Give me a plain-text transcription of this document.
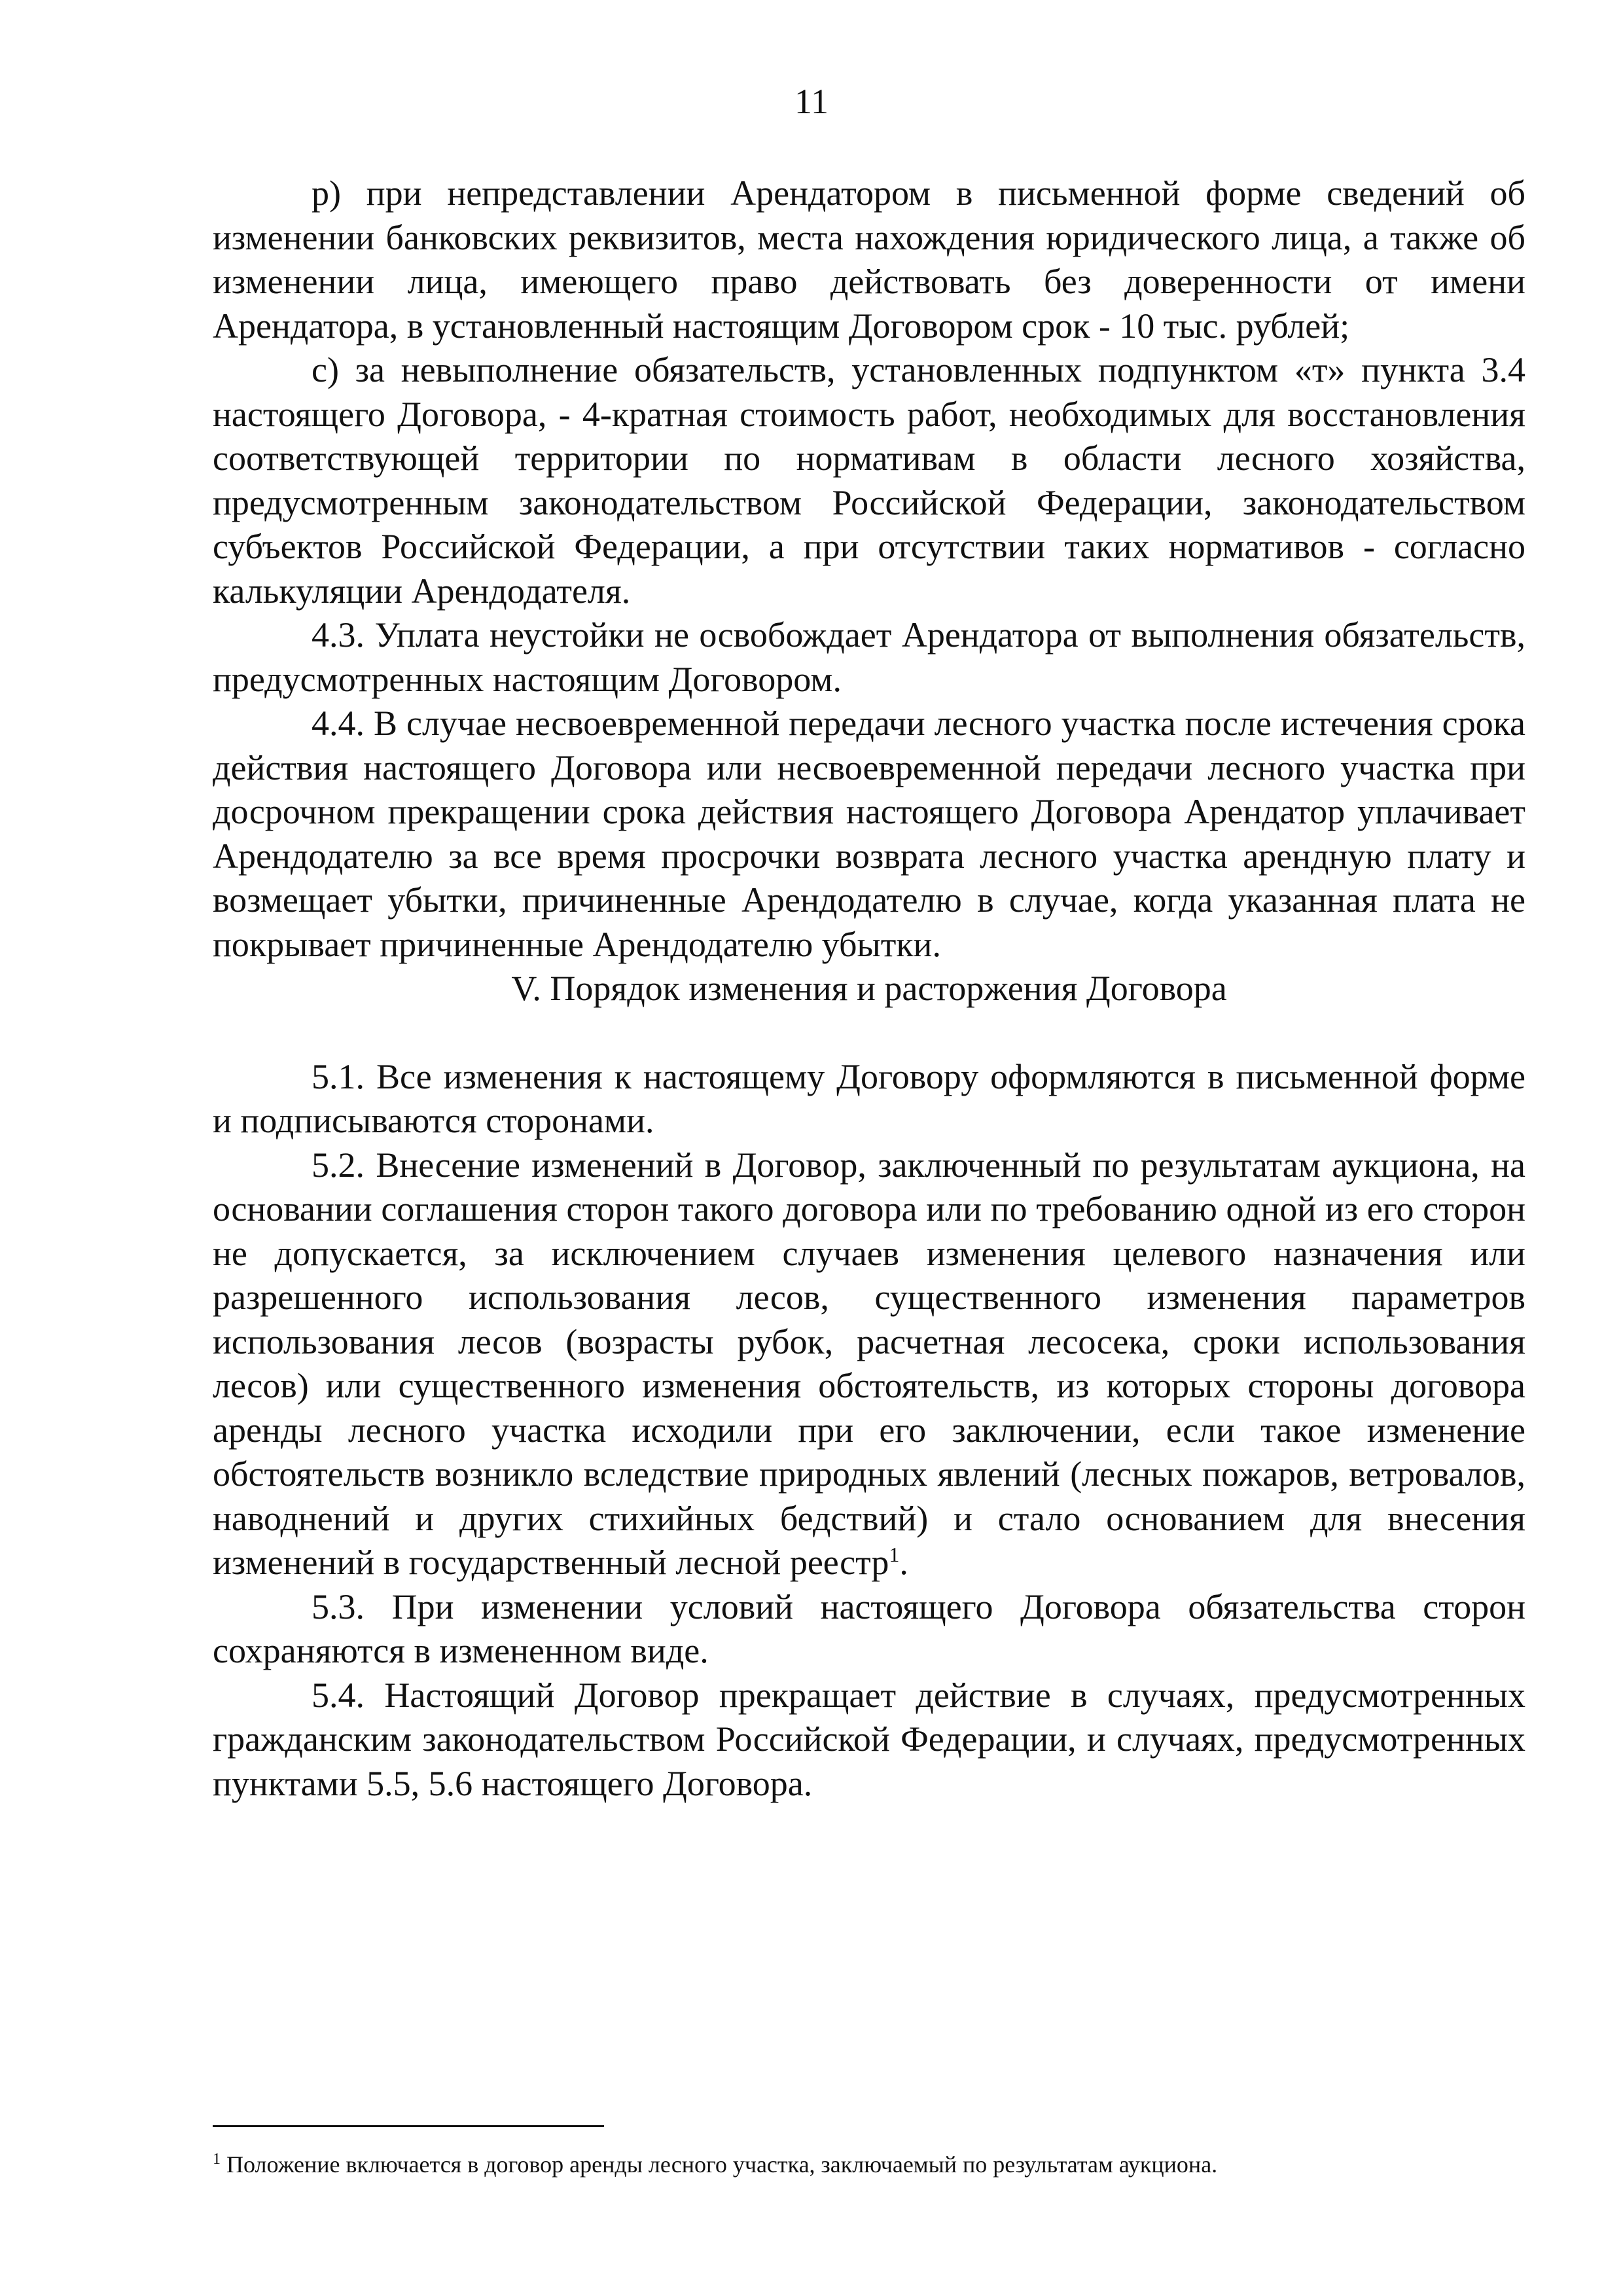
11

р) при непредставлении Арендатором в письменной форме сведений об изменении банковских реквизитов, места нахождения юридического лица, а также об изменении лица, имеющего право действовать без доверенности от имени Арендатора, в установленный настоящим Договором срок - 10 тыс. рублей;

с) за невыполнение обязательств, установленных подпунктом «т» пункта 3.4 настоящего Договора, - 4-кратная стоимость работ, необходимых для восстановления соответствующей территории по нормативам в области лесного хозяйства, предусмотренным законодательством Российской Федерации, законодательством субъектов Российской Федерации, а при отсутствии таких нормативов - согласно калькуляции Арендодателя.

4.3. Уплата неустойки не освобождает Арендатора от выполнения обязательств, предусмотренных настоящим Договором.

4.4. В случае несвоевременной передачи лесного участка после истечения срока действия настоящего Договора или несвоевременной передачи лесного участка при досрочном прекращении срока действия настоящего Договора Арендатор уплачивает Арендодателю за все время просрочки возврата лесного участка арендную плату и возмещает убытки, причиненные Арендодателю в случае, когда указанная плата не покрывает причиненные Арендодателю убытки.

V. Порядок изменения и расторжения Договора

5.1. Все изменения к настоящему Договору оформляются в письменной форме и подписываются сторонами.

5.2. Внесение изменений в Договор, заключенный по результатам аукциона, на основании соглашения сторон такого договора или по требованию одной из его сторон не допускается, за исключением случаев изменения целевого назначения или разрешенного использования лесов, существенного изменения параметров использования лесов (возрасты рубок, расчетная лесосека, сроки использования лесов) или существенного изменения обстоятельств, из которых стороны договора аренды лесного участка исходили при его заключении, если такое изменение обстоятельств возникло вследствие природных явлений (лесных пожаров, ветровалов, наводнений и других стихийных бедствий) и стало основанием для внесения изменений в государственный лесной реестр$^1$.

5.3. При изменении условий настоящего Договора обязательства сторон сохраняются в измененном виде.

5.4. Настоящий Договор прекращает действие в случаях, предусмотренных гражданским законодательством Российской Федерации, и случаях, предусмотренных пунктами 5.5, 5.6 настоящего Договора.

$^1$ Положение включается в договор аренды лесного участка, заключаемый по результатам аукциона.
